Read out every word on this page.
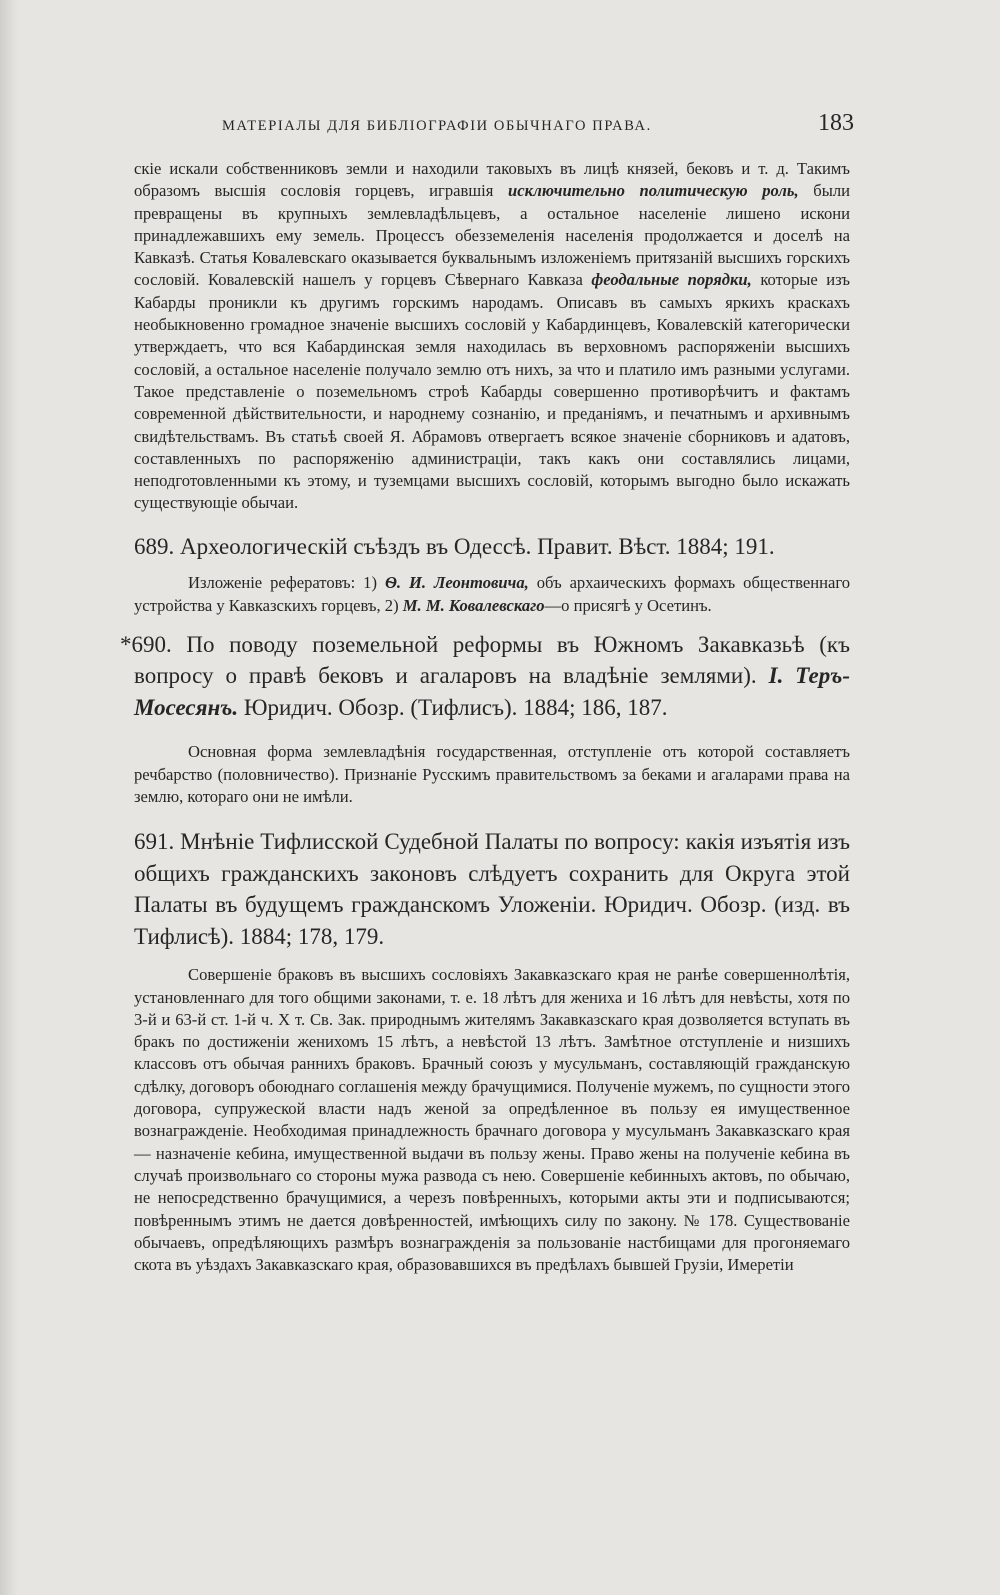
МАТЕРІАЛЫ ДЛЯ БИБЛІОГРАФІИ ОБЫЧНАГО ПРАВА.	183

скіе искали собственниковъ земли и находили таковыхъ въ лицѣ князей, бековъ и т. д. Такимъ образомъ высшія сословія горцевъ, игравшія исключительно политическую роль, были превращены въ крупныхъ землевладѣльцевъ, а остальное населеніе лишено искони принадлежавшихъ ему земель. Процессъ обезземеленія населенія продолжается и доселѣ на Кавказѣ. Статья Ковалевскаго оказывается буквальнымъ изложеніемъ притязаній высшихъ горскихъ сословій. Ковалевскій нашелъ у горцевъ Сѣвернаго Кавказа феодальные порядки, которые изъ Кабарды проникли къ другимъ горскимъ народамъ. Описавъ въ самыхъ яркихъ краскахъ необыкновенно громадное значеніе высшихъ сословій у Кабардинцевъ, Ковалевскій категорически утверждаетъ, что вся Кабардинская земля находилась въ верховномъ распоряженіи высшихъ сословій, а остальное населеніе получало землю отъ нихъ, за что и платило имъ разными услугами. Такое представленіе о поземельномъ строѣ Кабарды совершенно противорѣчитъ и фактамъ современной дѣйствительности, и народнему сознанію, и преданіямъ, и печатнымъ и архивнымъ свидѣтельствамъ. Въ статьѣ своей Я. Абрамовъ отвергаетъ всякое значеніе сборниковъ и адатовъ, составленныхъ по распоряженію администраціи, такъ какъ они составлялись лицами, неподготовленными къ этому, и туземцами высшихъ сословій, которымъ выгодно было искажать существующіе обычаи.

689. Археологическій съѣздъ въ Одессѣ. Правит. Вѣст. 1884; 191.

Изложеніе рефератовъ: 1) Ѳ. И. Леонтовича, объ архаическихъ формахъ общественнаго устройства у Кавказскихъ горцевъ, 2) М. М. Ковалевскаго—о присягѣ у Осетинъ.

*690. По поводу поземельной реформы въ Южномъ Закавказьѣ (къ вопросу о правѣ бековъ и агаларовъ на владѣніе землями). I. Теръ-Мосесянъ. Юридич. Обозр. (Тифлисъ). 1884; 186, 187.

Основная форма землевладѣнія государственная, отступленіе отъ которой составляетъ речбарство (половничество). Признаніе Русскимъ правительствомъ за беками и агаларами права на землю, котораго они не имѣли.

691. Мнѣніе Тифлисской Судебной Палаты по вопросу: какія изъятія изъ общихъ гражданскихъ законовъ слѣдуетъ сохранить для Округа этой Палаты въ будущемъ гражданскомъ Уложеніи. Юридич. Обозр. (изд. въ Тифлисѣ). 1884; 178, 179.

Совершеніе браковъ въ высшихъ сословіяхъ Закавказскаго края не ранѣе совершеннолѣтія, установленнаго для того общими законами, т. е. 18 лѣтъ для жениха и 16 лѣтъ для невѣсты, хотя по 3-й и 63-й ст. 1-й ч. X т. Св. Зак. природнымъ жителямъ Закавказскаго края дозволяется вступать въ бракъ по достиженіи женихомъ 15 лѣтъ, а невѣстой 13 лѣтъ. Замѣтное отступленіе и низшихъ классовъ отъ обычая раннихъ браковъ. Брачный союзъ у мусульманъ, составляющій гражданскую сдѣлку, договоръ обоюднаго соглашенія между брачущимися. Полученіе мужемъ, по сущности этого договора, супружеской власти надъ женой за опредѣленное въ пользу ея имущественное вознагражденіе. Необходимая принадлежность брачнаго договора у мусульманъ Закавказскаго края — назначеніе кебина, имущественной выдачи въ пользу жены. Право жены на полученіе кебина въ случаѣ произвольнаго со стороны мужа развода съ нею. Совершеніе кебинныхъ актовъ, по обычаю, не непосредственно брачущимися, а черезъ повѣренныхъ, которыми акты эти и подписываются; повѣреннымъ этимъ не дается довѣренностей, имѣющихъ силу по закону. № 178. Существованіе обычаевъ, опредѣляющихъ размѣръ вознагражденія за пользованіе настбищами для прогоняемаго скота въ уѣздахъ Закавказскаго края, образовавшихся въ предѣлахъ бывшей Грузіи, Имеретіи
